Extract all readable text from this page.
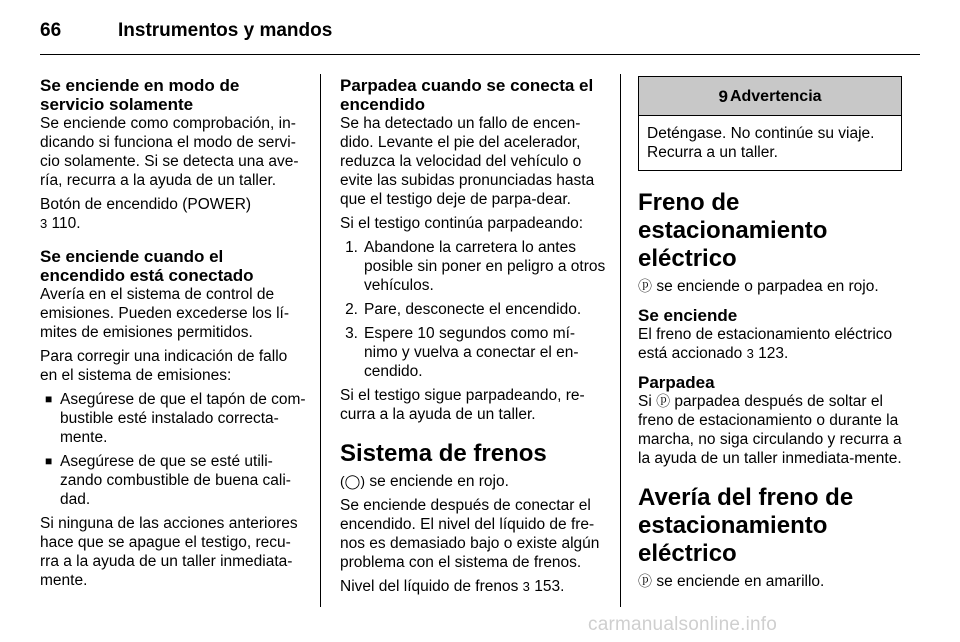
66	Instrumentos y mandos
Se enciende en modo de servicio solamente

Se enciende como comprobación, in-dicando si funciona el modo de servi-cio solamente. Si se detecta una ave-ría, recurra a la ayuda de un taller.

Botón de encendido (POWER)
3 110.

Se enciende cuando el encendido está conectado

Avería en el sistema de control de emisiones. Pueden excederse los lí-mites de emisiones permitidos.

Para corregir una indicación de fallo en el sistema de emisiones:

■ Asegúrese de que el tapón de com-bustible esté instalado correcta-mente.
■ Asegúrese de que se esté utili-zando combustible de buena cali-dad.

Si ninguna de las acciones anteriores hace que se apague el testigo, recu-rra a la ayuda de un taller inmediata-mente.

Parpadea cuando se conecta el encendido

Se ha detectado un fallo de encen-dido. Levante el pie del acelerador, reduzca la velocidad del vehículo o evite las subidas pronunciadas hasta que el testigo deje de parpa-dear.

Si el testigo continúa parpadeando:

1. Abandone la carretera lo antes posible sin poner en peligro a otros vehículos.
2. Pare, desconecte el encendido.
3. Espere 10 segundos como mí-nimo y vuelva a conectar el en-cendido.

Si el testigo sigue parpadeando, re-curra a la ayuda de un taller.

Sistema de frenos

(◯) se enciende en rojo.

Se enciende después de conectar el encendido. El nivel del líquido de fre-nos es demasiado bajo o existe algún problema con el sistema de frenos.

Nivel del líquido de frenos 3 153.

9 Advertencia
Deténgase. No continúe su viaje. Recurra a un taller.
Freno de estacionamiento eléctrico

ⓟ se enciende o parpadea en rojo.

Se enciende

El freno de estacionamiento eléctrico está accionado 3 123.

Parpadea

Si ⓟ parpadea después de soltar el freno de estacionamiento o durante la marcha, no siga circulando y recurra a la ayuda de un taller inmediata-mente.

Avería del freno de estacionamiento eléctrico

ⓟ se enciende en amarillo.

carmanualsonline.info
